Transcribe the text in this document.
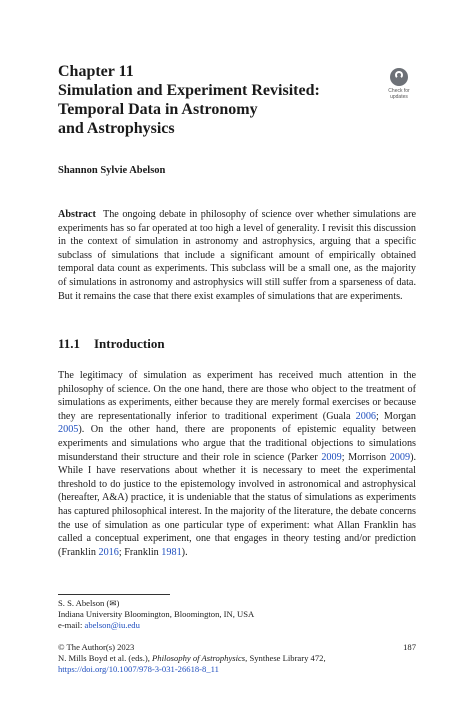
Chapter 11
Simulation and Experiment Revisited:
Temporal Data in Astronomy
and Astrophysics
Check for
updates
Shannon Sylvie Abelson
Abstract The ongoing debate in philosophy of science over whether simulations are experiments has so far operated at too high a level of generality. I revisit this discussion in the context of simulation in astronomy and astrophysics, arguing that a specific subclass of simulations that include a significant amount of empirically obtained temporal data count as experiments. This subclass will be a small one, as the majority of simulations in astronomy and astrophysics will still suffer from a sparseness of data. But it remains the case that there exist examples of simulations that are experiments.
11.1 Introduction
The legitimacy of simulation as experiment has received much attention in the philosophy of science. On the one hand, there are those who object to the treatment of simulations as experiments, either because they are merely formal exercises or because they are representationally inferior to traditional experiment (Guala 2006; Morgan 2005). On the other hand, there are proponents of epistemic equality between experiments and simulations who argue that the traditional objections to simulations misunderstand their structure and their role in science (Parker 2009; Morrison 2009). While I have reservations about whether it is necessary to meet the experimental threshold to do justice to the epistemology involved in astronomical and astrophysical (hereafter, A&A) practice, it is undeniable that the status of simulations as experiments has captured philosophical interest. In the majority of the literature, the debate concerns the use of simulation as one particular type of experiment: what Allan Franklin has called a conceptual experiment, one that engages in theory testing and/or prediction (Franklin 2016; Franklin 1981).
S. S. Abelson (✉)
Indiana University Bloomington, Bloomington, IN, USA
e-mail: abelson@iu.edu
© The Author(s) 2023	187
N. Mills Boyd et al. (eds.), Philosophy of Astrophysics, Synthese Library 472,
https://doi.org/10.1007/978-3-031-26618-8_11
